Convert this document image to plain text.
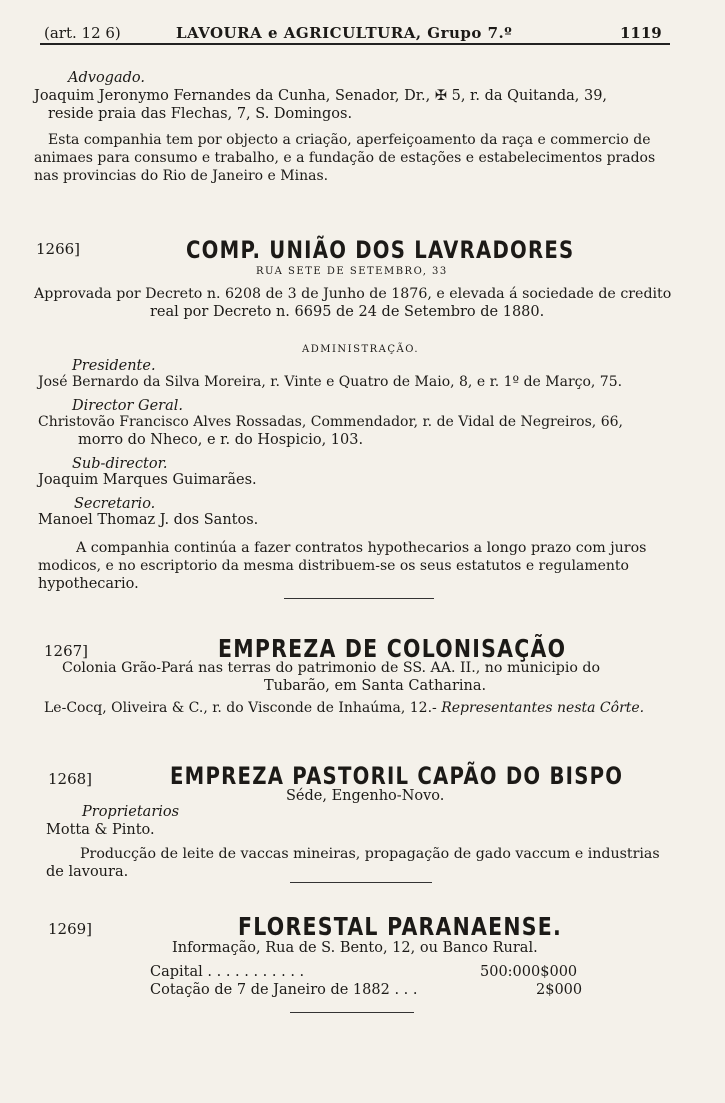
(art. 12 6)	LAVOURA e AGRICULTURA, Grupo 7.º	1119
Advogado.
Joaquim Jeronymo Fernandes da Cunha, Senador, Dr., ✠ 5, r. da Quitanda, 39,
reside praia das Flechas, 7, S. Domingos.
Esta companhia tem por objecto a criação, aperfeiçoamento da raça e commercio de
animaes para consumo e trabalho, e a fundação de estações e estabelecimentos prados
nas provincias do Rio de Janeiro e Minas.
1266]	COMP. UNIÃO DOS LAVRADORES
RUA SETE DE SETEMBRO, 33
Approvada por Decreto n. 6208 de 3 de Junho de 1876, e elevada á sociedade de credito
real por Decreto n. 6695 de 24 de Setembro de 1880.
ADMINISTRAÇÃO.
Presidente.
José Bernardo da Silva Moreira, r. Vinte e Quatro de Maio, 8, e r. 1º de Março, 75.
Director Geral.
Christovão Francisco Alves Rossadas, Commendador, r. de Vidal de Negreiros, 66,
morro do Nheco, e r. do Hospicio, 103.
Sub-director.
Joaquim Marques Guimarães.
Secretario.
Manoel Thomaz J. dos Santos.
A companhia continúa a fazer contratos hypothecarios a longo prazo com juros
modicos, e no escriptorio da mesma distribuem-se os seus estatutos e regulamento
hypothecario.
1267]	EMPREZA DE COLONISAÇÃO
Colonia Grão-Pará nas terras do patrimonio de SS. AA. II., no municipio do
Tubarão, em Santa Catharina.
Le-Cocq, Oliveira & C., r. do Visconde de Inhaúma, 12.- Representantes nesta Côrte.
1268]	EMPREZA PASTORIL CAPÃO DO BISPO
Séde, Engenho-Novo.
Proprietarios
Motta & Pinto.
Producção de leite de vaccas mineiras, propagação de gado vaccum e industrias
de lavoura.
1269]	FLORESTAL PARANAENSE.
Informação, Rua de S. Bento, 12, ou Banco Rural.
Capital . . . . . . . . . . .	500:000$000
Cotação de 7 de Janeiro de 1882 . . .	2$000
